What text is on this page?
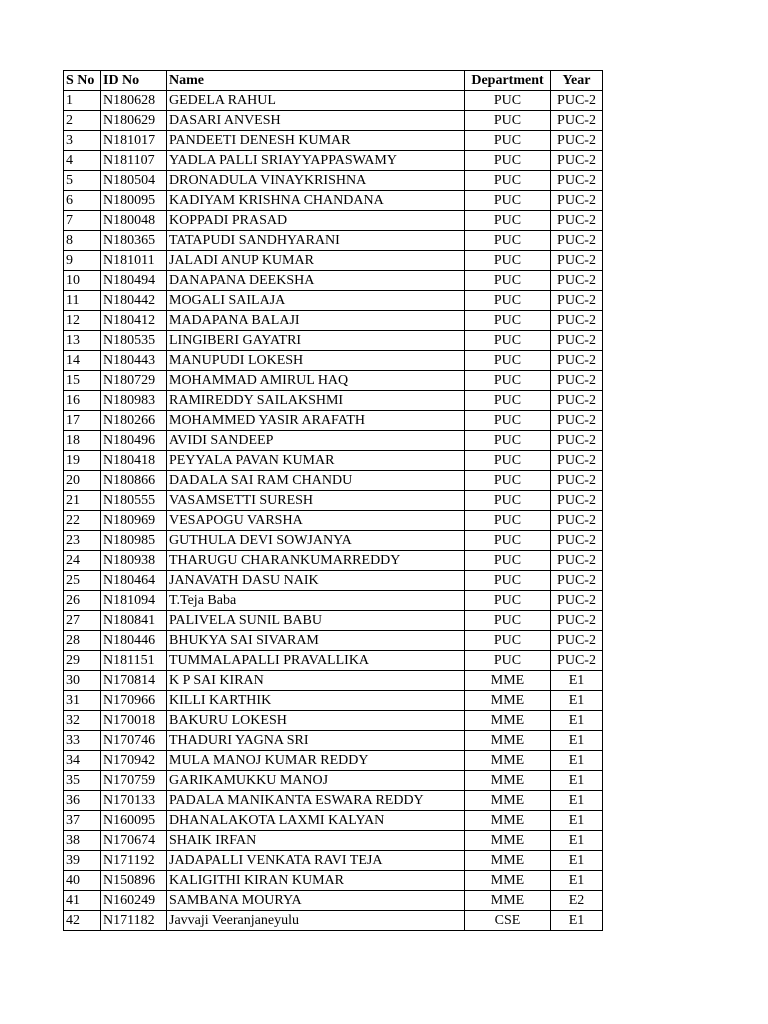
S No	ID No	Name	Department	Year
1	N180628	GEDELA RAHUL	PUC	PUC-2
2	N180629	DASARI ANVESH	PUC	PUC-2
3	N181017	PANDEETI DENESH KUMAR	PUC	PUC-2
4	N181107	YADLA PALLI SRIAYYAPPASWAMY	PUC	PUC-2
5	N180504	DRONADULA VINAYKRISHNA	PUC	PUC-2
6	N180095	KADIYAM KRISHNA CHANDANA	PUC	PUC-2
7	N180048	KOPPADI PRASAD	PUC	PUC-2
8	N180365	TATAPUDI SANDHYARANI	PUC	PUC-2
9	N181011	JALADI ANUP KUMAR	PUC	PUC-2
10	N180494	DANAPANA DEEKSHA	PUC	PUC-2
11	N180442	MOGALI SAILAJA	PUC	PUC-2
12	N180412	MADAPANA BALAJI	PUC	PUC-2
13	N180535	LINGIBERI GAYATRI	PUC	PUC-2
14	N180443	MANUPUDI LOKESH	PUC	PUC-2
15	N180729	MOHAMMAD AMIRUL HAQ	PUC	PUC-2
16	N180983	RAMIREDDY SAILAKSHMI	PUC	PUC-2
17	N180266	MOHAMMED YASIR ARAFATH	PUC	PUC-2
18	N180496	AVIDI SANDEEP	PUC	PUC-2
19	N180418	PEYYALA PAVAN KUMAR	PUC	PUC-2
20	N180866	DADALA SAI RAM CHANDU	PUC	PUC-2
21	N180555	VASAMSETTI SURESH	PUC	PUC-2
22	N180969	VESAPOGU VARSHA	PUC	PUC-2
23	N180985	GUTHULA DEVI SOWJANYA	PUC	PUC-2
24	N180938	THARUGU CHARANKUMARREDDY	PUC	PUC-2
25	N180464	JANAVATH DASU NAIK	PUC	PUC-2
26	N181094	T.Teja Baba	PUC	PUC-2
27	N180841	PALIVELA SUNIL BABU	PUC	PUC-2
28	N180446	BHUKYA SAI SIVARAM	PUC	PUC-2
29	N181151	TUMMALAPALLI PRAVALLIKA	PUC	PUC-2
30	N170814	K P SAI KIRAN	MME	E1
31	N170966	KILLI KARTHIK	MME	E1
32	N170018	BAKURU LOKESH	MME	E1
33	N170746	THADURI YAGNA SRI	MME	E1
34	N170942	MULA MANOJ KUMAR REDDY	MME	E1
35	N170759	GARIKAMUKKU MANOJ	MME	E1
36	N170133	PADALA MANIKANTA ESWARA REDDY	MME	E1
37	N160095	DHANALAKOTA LAXMI KALYAN	MME	E1
38	N170674	SHAIK IRFAN	MME	E1
39	N171192	JADAPALLI VENKATA RAVI TEJA	MME	E1
40	N150896	KALIGITHI KIRAN KUMAR	MME	E1
41	N160249	SAMBANA MOURYA	MME	E2
42	N171182	Javvaji Veeranjaneyulu	CSE	E1
